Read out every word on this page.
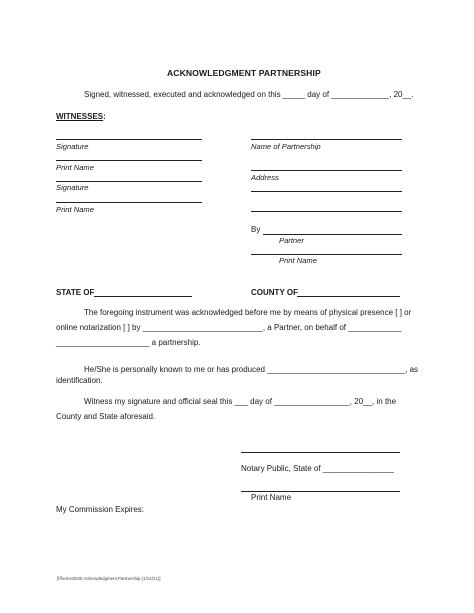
ACKNOWLEDGMENT PARTNERSHIP
Signed, witnessed, executed and acknowledged on this _____ day of _____________, 20__.
WITNESSES:
Signature
Print Name
Signature
Print Name
Name of Partnership
Address
By
Partner
Print Name
STATE OF	COUNTY OF
The foregoing instrument was acknowledged before me by means of physical presence [ ] or
online notarization [ ] by ___________________________, a Partner, on behalf of ____________
_____________________ a partnership.
He/She is personally known to me or has produced _______________________________, as
identification.
Witness my signature and official seal this ___ day of _________________, 20__, in the
County and State aforesaid.
Notary Public, State of ________________
Print Name
My Commission Expires:
[f/formsi2020 Acknowledgment Partnership (1/14/21)]
